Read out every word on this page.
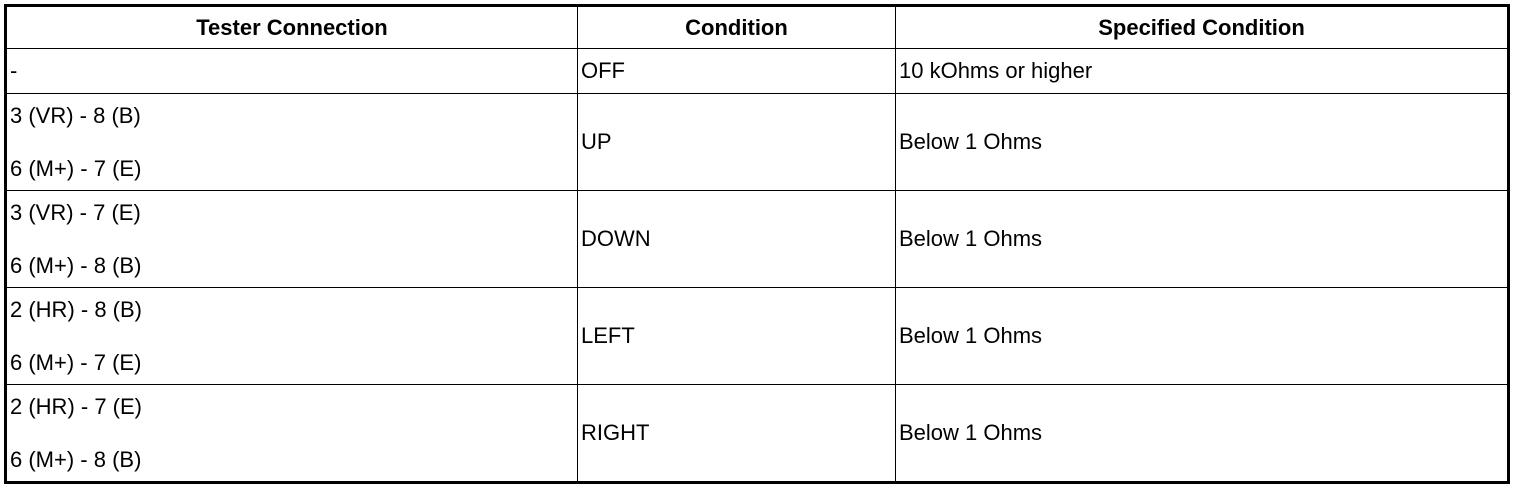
Tester Connection	Condition	Specified Condition

-	OFF	10 kOhms or higher

3 (VR) - 8 (B)
6 (M+) - 7 (E)	UP	Below 1 Ohms

3 (VR) - 7 (E)
6 (M+) - 8 (B)	DOWN	Below 1 Ohms

2 (HR) - 8 (B)
6 (M+) - 7 (E)	LEFT	Below 1 Ohms

2 (HR) - 7 (E)
6 (M+) - 8 (B)	RIGHT	Below 1 Ohms
